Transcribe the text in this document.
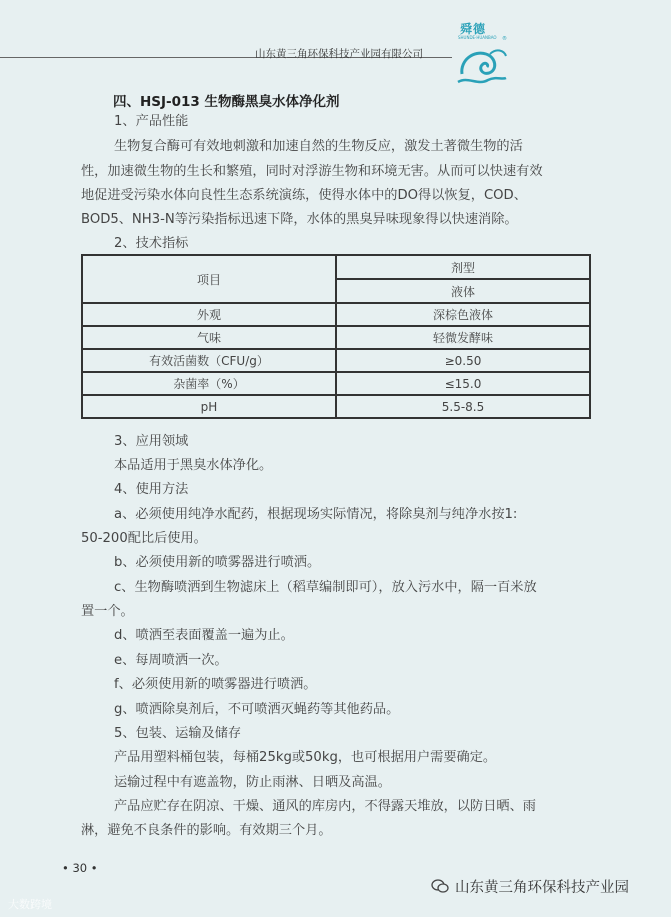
山东黄三角环保科技产业园有限公司
舜德
®
SHUNDE·HUANBAO
四、HSJ-013 生物酶黑臭水体净化剂

1、产品性能

生物复合酶可有效地刺激和加速自然的生物反应，激发土著微生物的活

性，加速微生物的生长和繁殖，同时对浮游生物和环境无害。从而可以快速有效

地促进受污染水体向良性生态系统演练，使得水体中的DO得以恢复，COD、

BOD5、NH3-N等污染指标迅速下降，水体的黑臭异味现象得以快速消除。

2、技术指标

项目	剂型
	液体
外观	深棕色液体
气味	轻微发酵味
有效活菌数（CFU/g）	≥0.50
杂菌率（%）	≤15.0
pH	5.5-8.5

3、应用领域

本品适用于黑臭水体净化。

4、使用方法

a、必须使用纯净水配药，根据现场实际情况，将除臭剂与纯净水按1:

50-200配比后使用。

b、必须使用新的喷雾器进行喷洒。

c、生物酶喷洒到生物滤床上（稻草编制即可），放入污水中，隔一百米放

置一个。

d、喷洒至表面覆盖一遍为止。

e、每周喷洒一次。

f、必须使用新的喷雾器进行喷洒。

g、喷洒除臭剂后，不可喷洒灭蝇药等其他药品。

5、包装、运输及储存

产品用塑料桶包装，每桶25kg或50kg，也可根据用户需要确定。

运输过程中有遮盖物，防止雨淋、日晒及高温。

产品应贮存在阴凉、干燥、通风的库房内，不得露天堆放，以防日晒、雨

淋，避免不良条件的影响。有效期三个月。

• 30 •
大数跨境
山东黄三角环保科技产业园
